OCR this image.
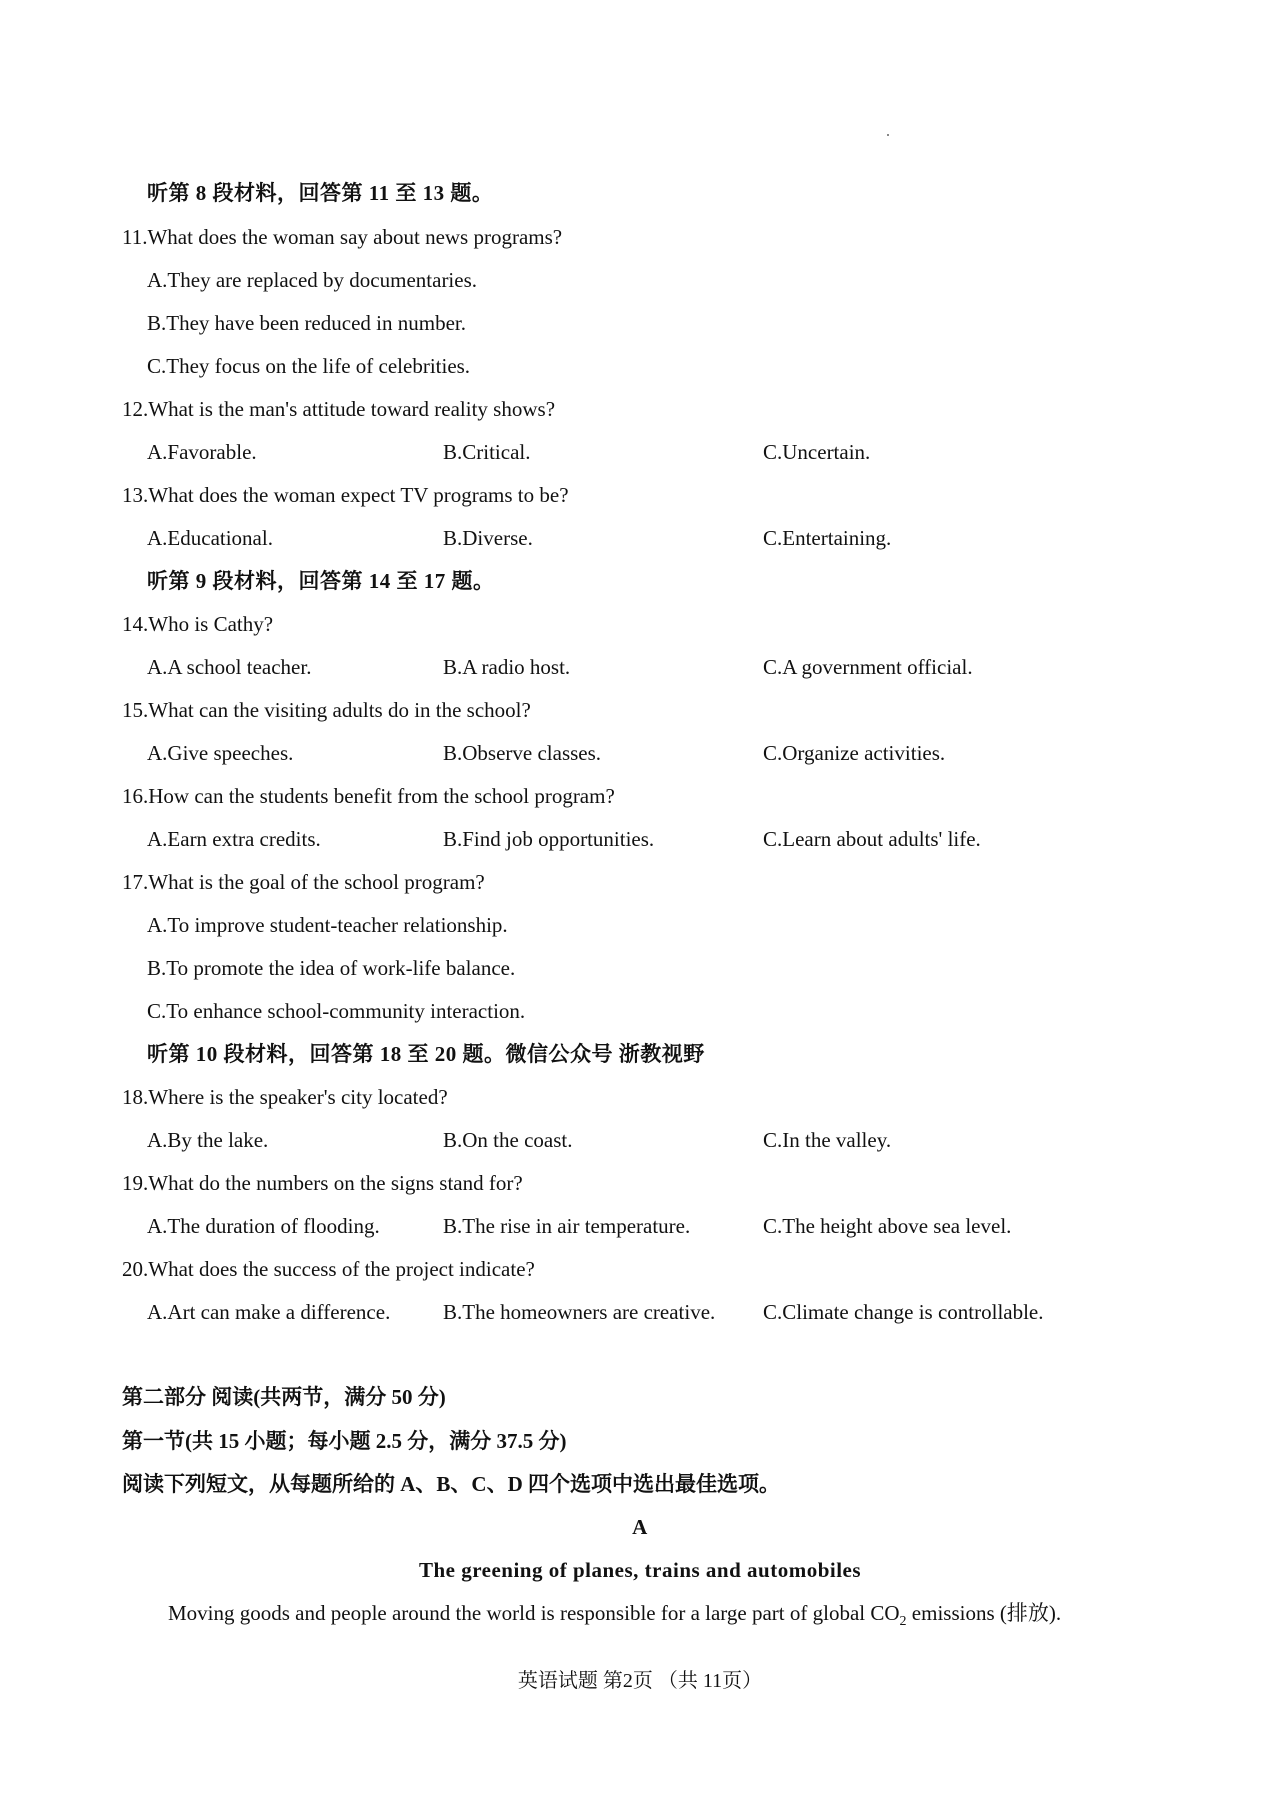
听第 8 段材料，回答第 11 至 13 题。
11.What does the woman say about news programs?
A.They are replaced by documentaries.
B.They have been reduced in number.
C.They focus on the life of celebrities.
12.What is the man's attitude toward reality shows?
A.Favorable.	B.Critical.	C.Uncertain.
13.What does the woman expect TV programs to be?
A.Educational.	B.Diverse.	C.Entertaining.
听第 9 段材料，回答第 14 至 17 题。
14.Who is Cathy?
A.A school teacher.	B.A radio host.	C.A government official.
15.What can the visiting adults do in the school?
A.Give speeches.	B.Observe classes.	C.Organize activities.
16.How can the students benefit from the school program?
A.Earn extra credits.	B.Find job opportunities.	C.Learn about adults' life.
17.What is the goal of the school program?
A.To improve student-teacher relationship.
B.To promote the idea of work-life balance.
C.To enhance school-community interaction.
听第 10 段材料，回答第 18 至 20 题。微信公众号 浙教视野
18.Where is the speaker's city located?
A.By the lake.	B.On the coast.	C.In the valley.
19.What do the numbers on the signs stand for?
A.The duration of flooding.	B.The rise in air temperature.	C.The height above sea level.
20.What does the success of the project indicate?
A.Art can make a difference.	B.The homeowners are creative. C.Climate change is controllable.
第二部分 阅读(共两节，满分 50 分)
第一节(共 15 小题；每小题 2.5 分，满分 37.5 分)
阅读下列短文，从每题所给的 A、B、C、D 四个选项中选出最佳选项。
A
The greening of planes, trains and automobiles
Moving goods and people around the world is responsible for a large part of global $CO_2$ emissions (排放).
英语试题 第2页 （共 11页）
